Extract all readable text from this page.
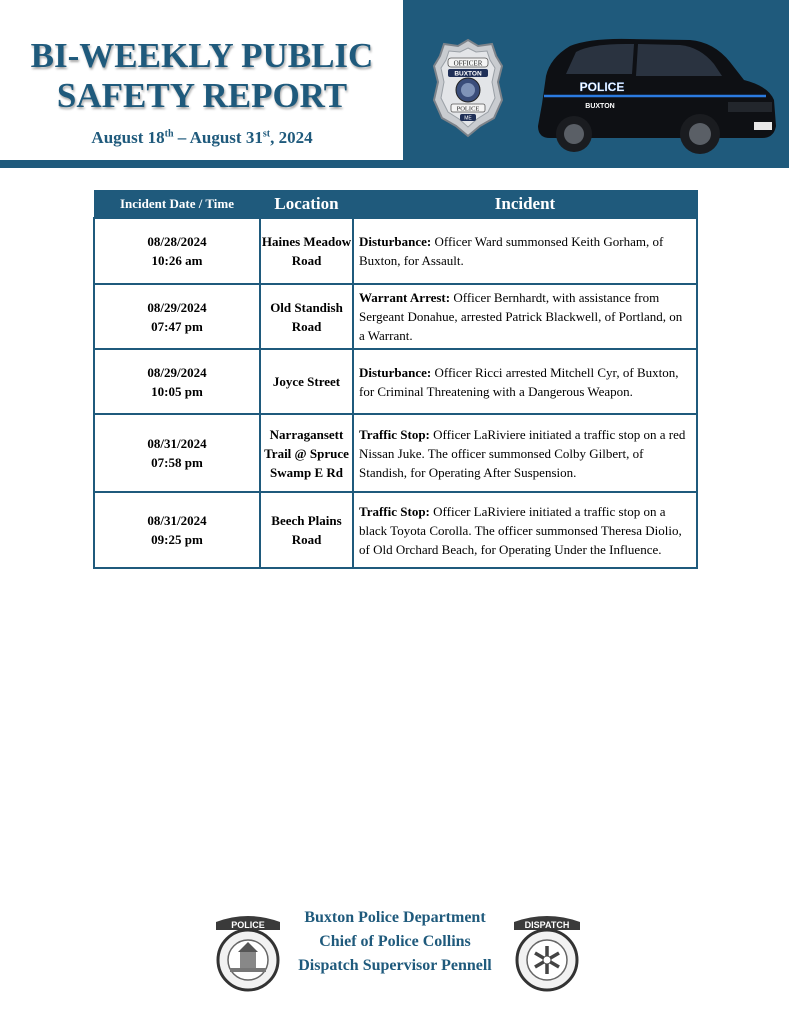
BI-WEEKLY PUBLIC
SAFETY REPORT
August 18th – August 31st, 2024
OFFICER
BUXTON
POLICE
ME
POLICE
BUXTON
Incident Date / Time	Location	Incident

08/28/2024
10:26 am	Haines Meadow Road	Disturbance: Officer Ward summonsed Keith Gorham, of Buxton, for Assault.

08/29/2024
07:47 pm	Old Standish Road	Warrant Arrest: Officer Bernhardt, with assistance from Sergeant Donahue, arrested Patrick Blackwell, of Portland, on a Warrant.

08/29/2024
10:05 pm	Joyce Street	Disturbance: Officer Ricci arrested Mitchell Cyr, of Buxton, for Criminal Threatening with a Dangerous Weapon.

08/31/2024
07:58 pm	Narragansett Trail @ Spruce Swamp E Rd	Traffic Stop: Officer LaRiviere initiated a traffic stop on a red Nissan Juke. The officer summonsed Colby Gilbert, of Standish, for Operating After Suspension.

08/31/2024
09:25 pm	Beech Plains Road	Traffic Stop: Officer LaRiviere initiated a traffic stop on a black Toyota Corolla. The officer summonsed Theresa Diolio, of Old Orchard Beach, for Operating Under the Influence.
POLICE	Buxton Police Department
Chief of Police Collins
Dispatch Supervisor Pennell
DISPATCH
